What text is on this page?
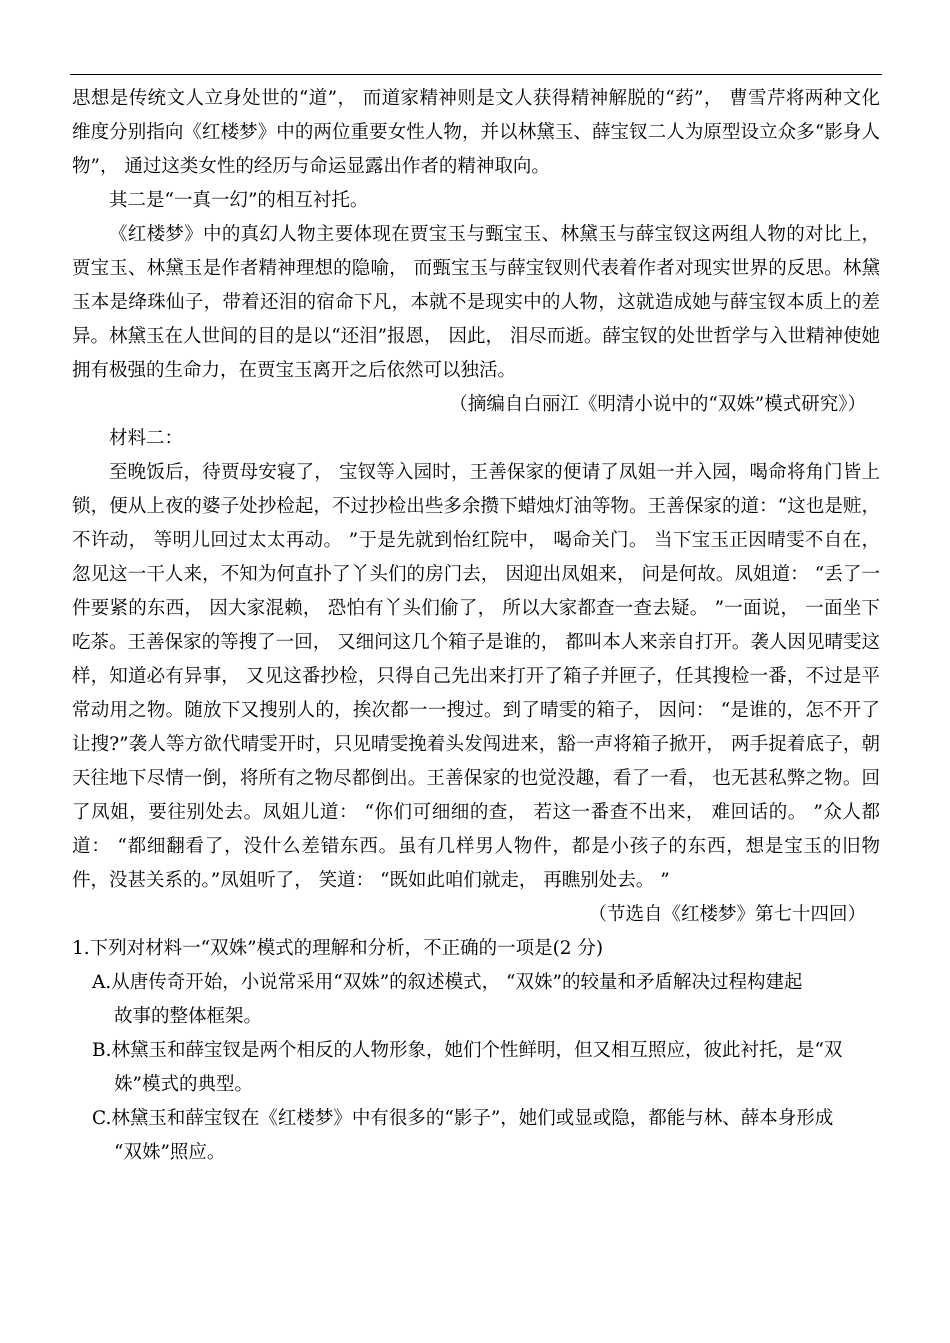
思想是传统文人立身处世的“道”， 而道家精神则是文人获得精神解脱的“药”， 曹雪芹将两种文化维度分别指向《红楼梦》中的两位重要女性人物，并以林黛玉、薛宝钗二人为原型设立众多“影身人物”， 通过这类女性的经历与命运显露出作者的精神取向。

其二是“一真一幻”的相互衬托。

《红楼梦》中的真幻人物主要体现在贾宝玉与甄宝玉、林黛玉与薛宝钗这两组人物的对比上， 贾宝玉、林黛玉是作者精神理想的隐喻， 而甄宝玉与薛宝钗则代表着作者对现实世界的反思。林黛玉本是绛珠仙子，带着还泪的宿命下凡，本就不是现实中的人物，这就造成她与薛宝钗本质上的差异。林黛玉在人世间的目的是以“还泪”报恩， 因此， 泪尽而逝。薛宝钗的处世哲学与入世精神使她拥有极强的生命力，在贾宝玉离开之后依然可以独活。

（摘编自白丽江《明清小说中的“双姝”模式研究》）

材料二：

至晚饭后，待贾母安寝了， 宝钗等入园时，王善保家的便请了凤姐一并入园，喝命将角门皆上锁，便从上夜的婆子处抄检起，不过抄检出些多余攒下蜡烛灯油等物。王善保家的道：“这也是赃， 不许动， 等明儿回过太太再动。 ”于是先就到怡红院中， 喝命关门。 当下宝玉正因晴雯不自在，忽见这一干人来，不知为何直扑了丫头们的房门去， 因迎出凤姐来， 问是何故。凤姐道： “丢了一件要紧的东西， 因大家混赖， 恐怕有丫头们偷了， 所以大家都查一查去疑。 ”一面说， 一面坐下吃茶。王善保家的等搜了一回， 又细问这几个箱子是谁的， 都叫本人来亲自打开。袭人因见晴雯这样，知道必有异事， 又见这番抄检，只得自己先出来打开了箱子并匣子，任其搜检一番，不过是平常动用之物。随放下又搜别人的，挨次都一一搜过。到了晴雯的箱子， 因问： “是谁的，怎不开了让搜?”袭人等方欲代晴雯开时，只见晴雯挽着头发闯进来，豁一声将箱子掀开， 两手捉着底子，朝天往地下尽情一倒，将所有之物尽都倒出。王善保家的也觉没趣，看了一看， 也无甚私弊之物。回了凤姐，要往别处去。凤姐儿道： “你们可细细的查， 若这一番查不出来， 难回话的。 ”众人都道： “都细翻看了，没什么差错东西。虽有几样男人物件，都是小孩子的东西，想是宝玉的旧物件，没甚关系的。”凤姐听了， 笑道： “既如此咱们就走， 再瞧别处去。 ”

（节选自《红楼梦》第七十四回）

1.下列对材料一“双姝”模式的理解和分析，不正确的一项是(2 分)

A.从唐传奇开始，小说常采用“双姝”的叙述模式， “双姝”的较量和矛盾解决过程构建起

故事的整体框架。

B.林黛玉和薛宝钗是两个相反的人物形象，她们个性鲜明，但又相互照应，彼此衬托，是“双

姝”模式的典型。

C.林黛玉和薛宝钗在《红楼梦》中有很多的“影子”，她们或显或隐，都能与林、薛本身形成

“双姝”照应。
